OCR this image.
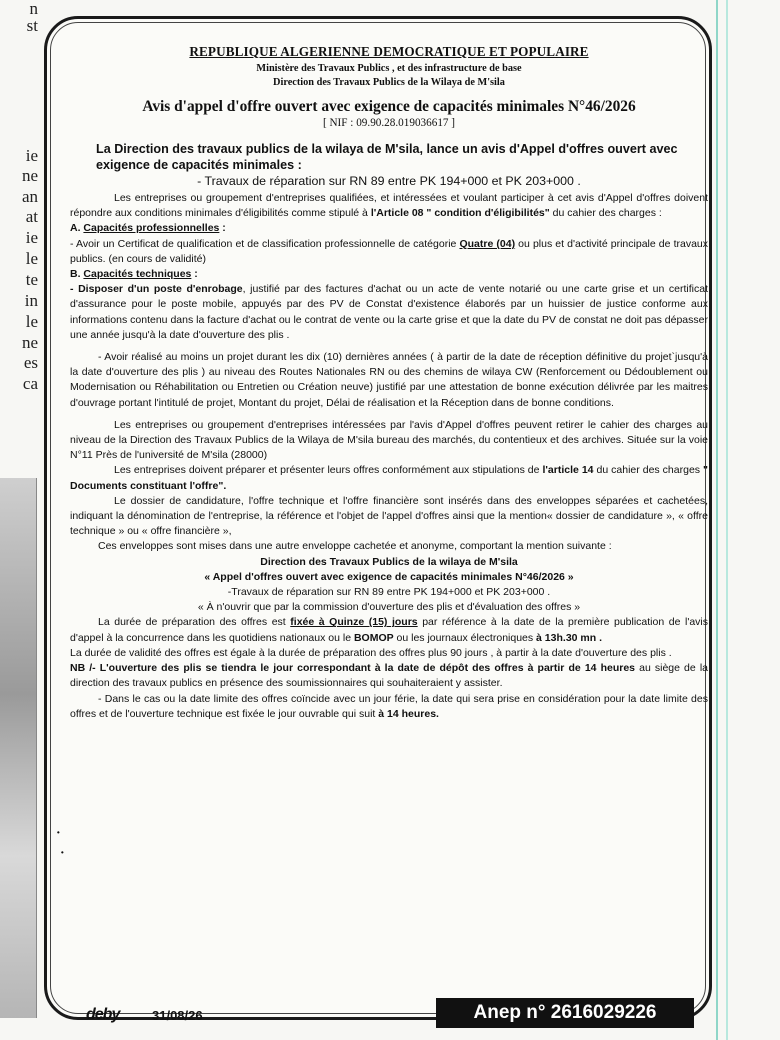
n
st
ie
ne
an
at
ie
le
te
in
le
ne
es
ca
REPUBLIQUE ALGERIENNE DEMOCRATIQUE ET POPULAIRE
Ministère des Travaux Publics , et des infrastructure de base
Direction des Travaux Publics de la Wilaya de M'sila
Avis d'appel d'offre ouvert avec exigence de capacités minimales N°46/2026
[ NIF : 09.90.28.019036617 ]
La Direction des travaux publics de la wilaya de M'sila, lance un avis d'Appel d'offres ouvert avec exigence de capacités minimales :
- Travaux de réparation sur RN 89 entre PK 194+000 et PK 203+000 .

Les entreprises ou groupement d'entreprises qualifiées, et intéressées et voulant participer à cet avis d'Appel d'offres doivent répondre aux conditions minimales d'éligibilités comme stipulé à l'Article 08 " condition d'éligibilités" du cahier des charges :

A. Capacités professionnelles :

- Avoir un Certificat de qualification et de classification professionnelle de catégorie Quatre (04) ou plus et d'activité principale de travaux publics. (en cours de validité)

B. Capacités techniques :

- Disposer d'un poste d'enrobage, justifié par des factures d'achat ou un acte de vente notarié ou une carte grise et un certificat d'assurance pour le poste mobile, appuyés par des PV de Constat d'existence élaborés par un huissier de justice conforme aux informations contenu dans la facture d'achat ou le contrat de vente ou la carte grise et que la date du PV de constat ne doit pas dépasser une année jusqu'à la date d'ouverture des plis .

- Avoir réalisé au moins un projet durant les dix (10) dernières années ( à partir de la date de réception définitive du projet`jusqu'à la date d'ouverture des plis ) au niveau des Routes Nationales RN ou des chemins de wilaya CW (Renforcement ou Dédoublement ou Modernisation ou Réhabilitation ou Entretien ou Création neuve) justifié par une attestation de bonne exécution délivrée par les maitres d'ouvrage portant l'intitulé de projet, Montant du projet, Délai de réalisation et la Réception dans de bonne conditions.

Les entreprises ou groupement d'entreprises intéressées par l'avis d'Appel d'offres peuvent retirer le cahier des charges au niveau de la Direction des Travaux Publics de la Wilaya de M'sila bureau des marchés, du contentieux et des archives. Située sur la voie N°11 Près de l'université de M'sila (28000)

Les entreprises doivent préparer et présenter leurs offres conformément aux stipulations de l'article 14 du cahier des charges " Documents constituant l'offre".

Le dossier de candidature, l'offre technique et l'offre financière sont insérés dans des enveloppes séparées et cachetées, indiquant la dénomination de l'entreprise, la référence et l'objet de l'appel d'offres ainsi que la mention« dossier de candidature », « offre technique » ou « offre financière »,

Ces enveloppes sont mises dans une autre enveloppe cachetée et anonyme, comportant la mention suivante :

Direction des Travaux Publics de la wilaya de M'sila
« Appel d'offres ouvert avec exigence de capacités minimales N°46/2026 »
-Travaux de réparation sur RN 89 entre PK 194+000 et PK 203+000 .
« À n'ouvrir que par la commission d'ouverture des plis et d'évaluation des offres »

La durée de préparation des offres est fixée à Quinze (15) jours par référence à la date de la première publication de l'avis d'appel à la concurrence dans les quotidiens nationaux ou le BOMOP ou les journaux électroniques à 13h.30 mn .

La durée de validité des offres est égale à la durée de préparation des offres plus 90 jours , à partir à la date d'ouverture des plis .

NB /- L'ouverture des plis se tiendra le jour correspondant à la date de dépôt des offres à partir de 14 heures au siège de la direction des travaux publics en présence des soumissionnaires qui souhaiteraient y assister.

- Dans le cas ou la date limite des offres coïncide avec un jour férie, la date qui sera prise en considération pour la date limite des offres et de l'ouverture technique est fixée le jour ouvrable qui suit à 14 heures.

·
·
deby	31/08/26	Anep n° 2616029226
